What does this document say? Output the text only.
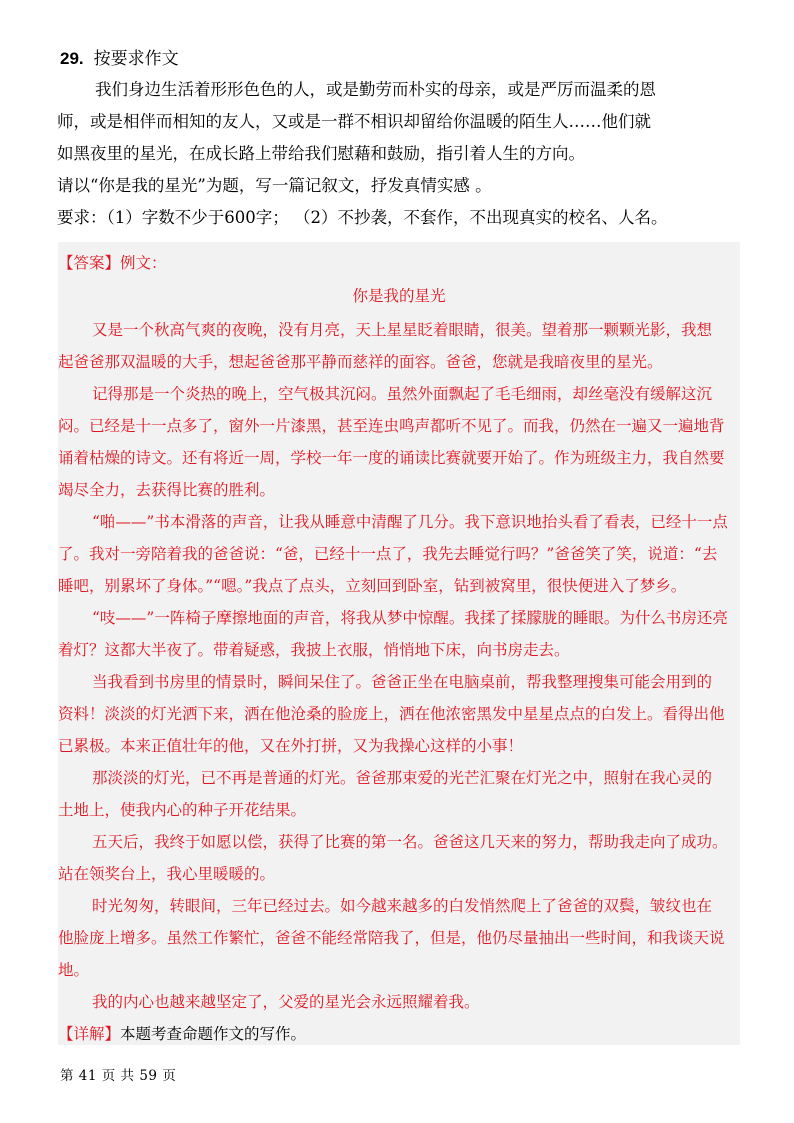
29. 按要求作文

我们身边生活着形形色色的人，或是勤劳而朴实的母亲，或是严厉而温柔的恩

师，或是相伴而相知的友人，又或是一群不相识却留给你温暖的陌生人……他们就

如黑夜里的星光，在成长路上带给我们慰藉和鼓励，指引着人生的方向。

请以“你是我的星光”为题，写一篇记叙文，抒发真情实感 。

要求：（1）字数不少于600字； （2）不抄袭，不套作，不出现真实的校名、人名。

【答案】例文：

你是我的星光

又是一个秋高气爽的夜晚，没有月亮，天上星星眨着眼睛，很美。望着那一颗颗光影，我想

起爸爸那双温暖的大手，想起爸爸那平静而慈祥的面容。爸爸，您就是我暗夜里的星光。

记得那是一个炎热的晚上，空气极其沉闷。虽然外面飘起了毛毛细雨，却丝毫没有缓解这沉

闷。已经是十一点多了，窗外一片漆黑，甚至连虫鸣声都听不见了。而我，仍然在一遍又一遍地背

诵着枯燥的诗文。还有将近一周，学校一年一度的诵读比赛就要开始了。作为班级主力，我自然要

竭尽全力，去获得比赛的胜利。

“啪——”书本滑落的声音，让我从睡意中清醒了几分。我下意识地抬头看了看表，已经十一点

了。我对一旁陪着我的爸爸说：“爸，已经十一点了，我先去睡觉行吗？”爸爸笑了笑，说道：“去

睡吧，别累坏了身体。”“嗯。”我点了点头，立刻回到卧室，钻到被窝里，很快便进入了梦乡。

“吱——”一阵椅子摩擦地面的声音，将我从梦中惊醒。我揉了揉朦胧的睡眼。为什么书房还亮

着灯？这都大半夜了。带着疑惑，我披上衣服，悄悄地下床，向书房走去。

当我看到书房里的情景时，瞬间呆住了。爸爸正坐在电脑桌前，帮我整理搜集可能会用到的

资料！淡淡的灯光洒下来，洒在他沧桑的脸庞上，洒在他浓密黑发中星星点点的白发上。看得出他

已累极。本来正值壮年的他，又在外打拼，又为我操心这样的小事！

那淡淡的灯光，已不再是普通的灯光。爸爸那束爱的光芒汇聚在灯光之中，照射在我心灵的

土地上，使我内心的种子开花结果。

五天后，我终于如愿以偿，获得了比赛的第一名。爸爸这几天来的努力，帮助我走向了成功。

站在领奖台上，我心里暖暖的。

时光匆匆，转眼间，三年已经过去。如今越来越多的白发悄然爬上了爸爸的双鬓，皱纹也在

他脸庞上增多。虽然工作繁忙，爸爸不能经常陪我了，但是，他仍尽量抽出一些时间，和我谈天说

地。

我的内心也越来越坚定了，父爱的星光会永远照耀着我。

【详解】本题考查命题作文的写作。

第 41 页 共 59 页
